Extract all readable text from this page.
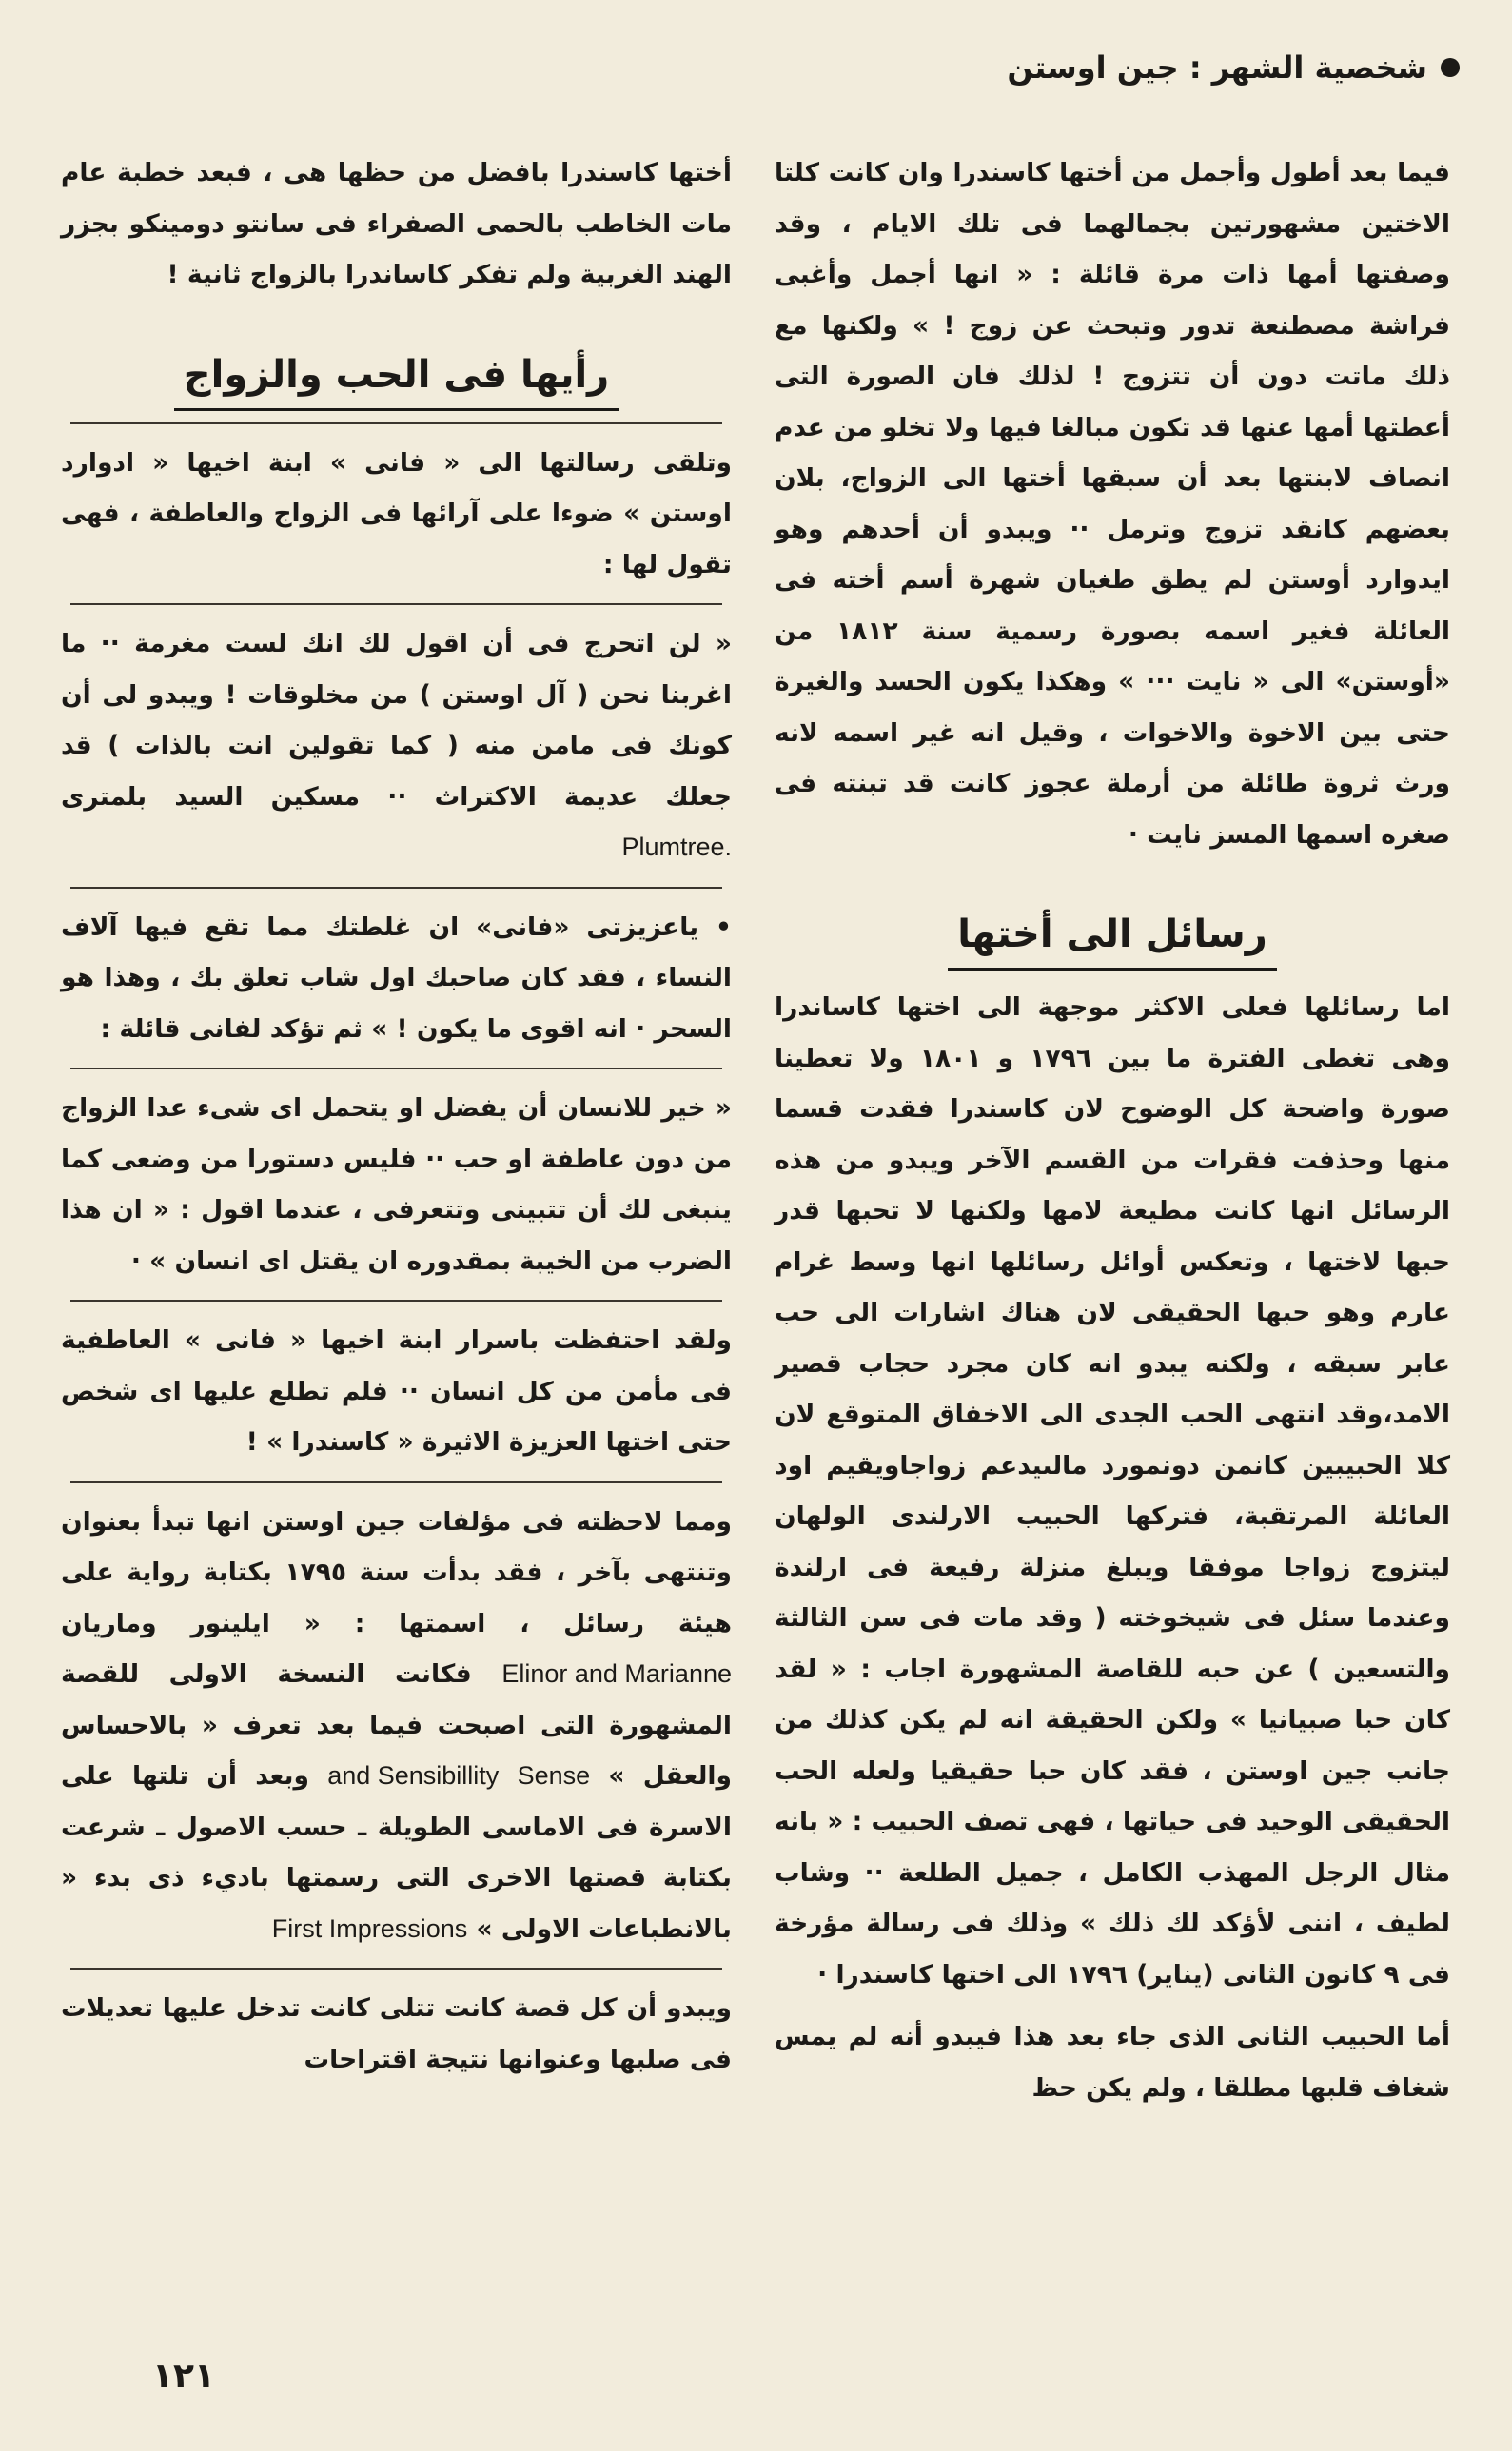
شخصية الشهر : جين اوستن

فيما بعد أطول وأجمل من أختها كاسندرا وان كانت كلتا الاختين مشهورتين بجمالهما فى تلك الايام ، وقد وصفتها أمها ذات مرة قائلة : « انها أجمل وأغبى فراشة مصطنعة تدور وتبحث عن زوج ! » ولكنها مع ذلك ماتت دون أن تتزوج ! لذلك فان الصورة التى أعطتها أمها عنها قد تكون مبالغا فيها ولا تخلو من عدم انصاف لابنتها بعد أن سبقها أختها الى الزواج، بلان بعضهم كانقد تزوج وترمل ·· ويبدو أن أحدهم وهو ايدوارد أوستن لم يطق طغيان شهرة أسم أخته فى العائلة فغير اسمه بصورة رسمية سنة ١٨١٢ من «أوستن» الى « نايت ··· » وهكذا يكون الحسد والغيرة حتى بين الاخوة والاخوات ، وقيل انه غير اسمه لانه ورث ثروة طائلة من أرملة عجوز كانت قد تبنته فى صغره اسمها المسز نايت ·

رسائل الى أختها

اما رسائلها فعلى الاكثر موجهة الى اختها كاساندرا وهى تغطى الفترة ما بين ١٧٩٦ و ١٨٠١ ولا تعطينا صورة واضحة كل الوضوح لان كاسندرا فقدت قسما منها وحذفت فقرات من القسم الآخر ويبدو من هذه الرسائل انها كانت مطيعة لامها ولكنها لا تحبها قدر حبها لاختها ، وتعكس أوائل رسائلها انها وسط غرام عارم وهو حبها الحقيقى لان هناك اشارات الى حب عابر سبقه ، ولكنه يبدو انه كان مجرد حجاب قصير الامد،وقد انتهى الحب الجدى الى الاخفاق المتوقع لان كلا الحبيبين كانمن دونمورد مالىيدعم زواجاويقيم اود العائلة المرتقبة، فتركها الحبيب الارلندى الولهان ليتزوج زواجا موفقا ويبلغ منزلة رفيعة فى ارلندة وعندما سئل فى شيخوخته ( وقد مات فى سن الثالثة والتسعين ) عن حبه للقاصة المشهورة اجاب : « لقد كان حبا صبيانيا » ولكن الحقيقة انه لم يكن كذلك من جانب جين اوستن ، فقد كان حبا حقيقيا ولعله الحب الحقيقى الوحيد فى حياتها ، فهى تصف الحبيب : « بانه مثال الرجل المهذب الكامل ، جميل الطلعة ·· وشاب لطيف ، اننى لأؤكد لك ذلك » وذلك فى رسالة مؤرخة فى ٩ كانون الثانى (يناير) ١٧٩٦ الى اختها كاسندرا ·

أما الحبيب الثانى الذى جاء بعد هذا فيبدو أنه لم يمس شغاف قلبها مطلقا ، ولم يكن حظ

أختها كاسندرا بافضل من حظها هى ، فبعد خطبة عام مات الخاطب بالحمى الصفراء فى سانتو دومينكو بجزر الهند الغربية ولم تفكر كاساندرا بالزواج ثانية !

رأيها فى الحب والزواج

وتلقى رسالتها الى « فانى » ابنة اخيها « ادوارد اوستن » ضوءا على آرائها فى الزواج والعاطفة ، فهى تقول لها :

« لن اتحرج فى أن اقول لك انك لست مغرمة ·· ما اغربنا نحن ( آل اوستن ) من مخلوقات ! ويبدو لى أن كونك فى مامن منه ( كما تقولين انت بالذات ) قد جعلك عديمة الاكتراث ·· مسكين السيد بلمترى Plumtree.

• ياعزيزتى «فانى» ان غلطتك مما تقع فيها آلاف النساء ، فقد كان صاحبك اول شاب تعلق بك ، وهذا هو السحر · انه اقوى ما يكون ! » ثم تؤكد لفانى قائلة :

« خير للانسان أن يفضل او يتحمل اى شىء عدا الزواج من دون عاطفة او حب ·· فليس دستورا من وضعى كما ينبغى لك أن تتبينى وتتعرفى ، عندما اقول : « ان هذا الضرب من الخيبة بمقدوره ان يقتل اى انسان » ·

ولقد احتفظت باسرار ابنة اخيها « فانى » العاطفية فى مأمن من كل انسان ·· فلم تطلع عليها اى شخص حتى اختها العزيزة الاثيرة « كاسندرا » !

ومما لاحظته فى مؤلفات جين اوستن انها تبدأ بعنوان وتنتهى بآخر ، فقد بدأت سنة ١٧٩٥ بكتابة رواية على هيئة رسائل ، اسمتها : « ايلينور وماريان Elinor and Marianne فكانت النسخة الاولى للقصة المشهورة التى اصبحت فيما بعد تعرف « بالاحساس والعقل » Sense and Sensibillity وبعد أن تلتها على الاسرة فى الاماسى الطويلة ـ حسب الاصول ـ شرعت بكتابة قصتها الاخرى التى رسمتها باديء ذى بدء « بالانطباعات الاولى » First Impressions

ويبدو أن كل قصة كانت تتلى كانت تدخل عليها تعديلات فى صلبها وعنوانها نتيجة اقتراحات

١٢١
